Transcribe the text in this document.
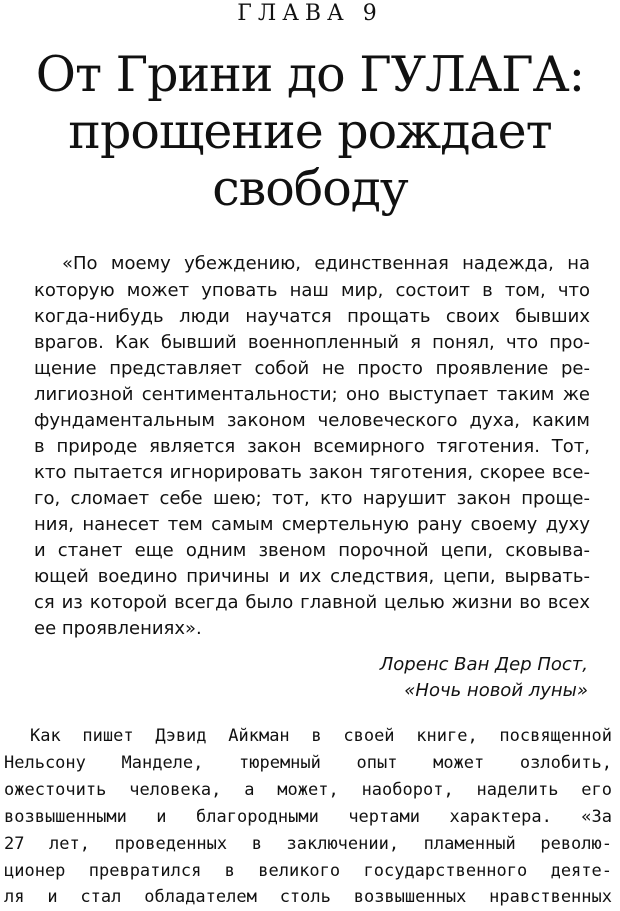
ГЛАВА 9
От Грини до ГУЛАГА:
прощение рождает
свободу
«По моему убеждению, единственная надежда, на
которую может уповать наш мир, состоит в том, что
когда-нибудь люди научатся прощать своих бывших
врагов. Как бывший военнопленный я понял, что про-
щение представляет собой не просто проявление ре-
лигиозной сентиментальности; оно выступает таким же
фундаментальным законом человеческого духа, каким
в природе является закон всемирного тяготения. Тот,
кто пытается игнорировать закон тяготения, скорее все-
го, сломает себе шею; тот, кто нарушит закон проще-
ния, нанесет тем самым смертельную рану своему духу
и станет еще одним звеном порочной цепи, сковыва-
ющей воедино причины и их следствия, цепи, вырвать-
ся из которой всегда было главной целью жизни во всех
ее проявлениях».
Лоренс Ван Дер Пост,
«Ночь новой луны»
Как пишет Дэвид Айкман в своей книге, посвященной
Нельсону Манделе, тюремный опыт может озлобить,
ожесточить человека, а может, наоборот, наделить его
возвышенными и благородными чертами характера. «За
27 лет, проведенных в заключении, пламенный револю-
ционер превратился в великого государственного деяте-
ля и стал обладателем столь возвышенных нравственных
